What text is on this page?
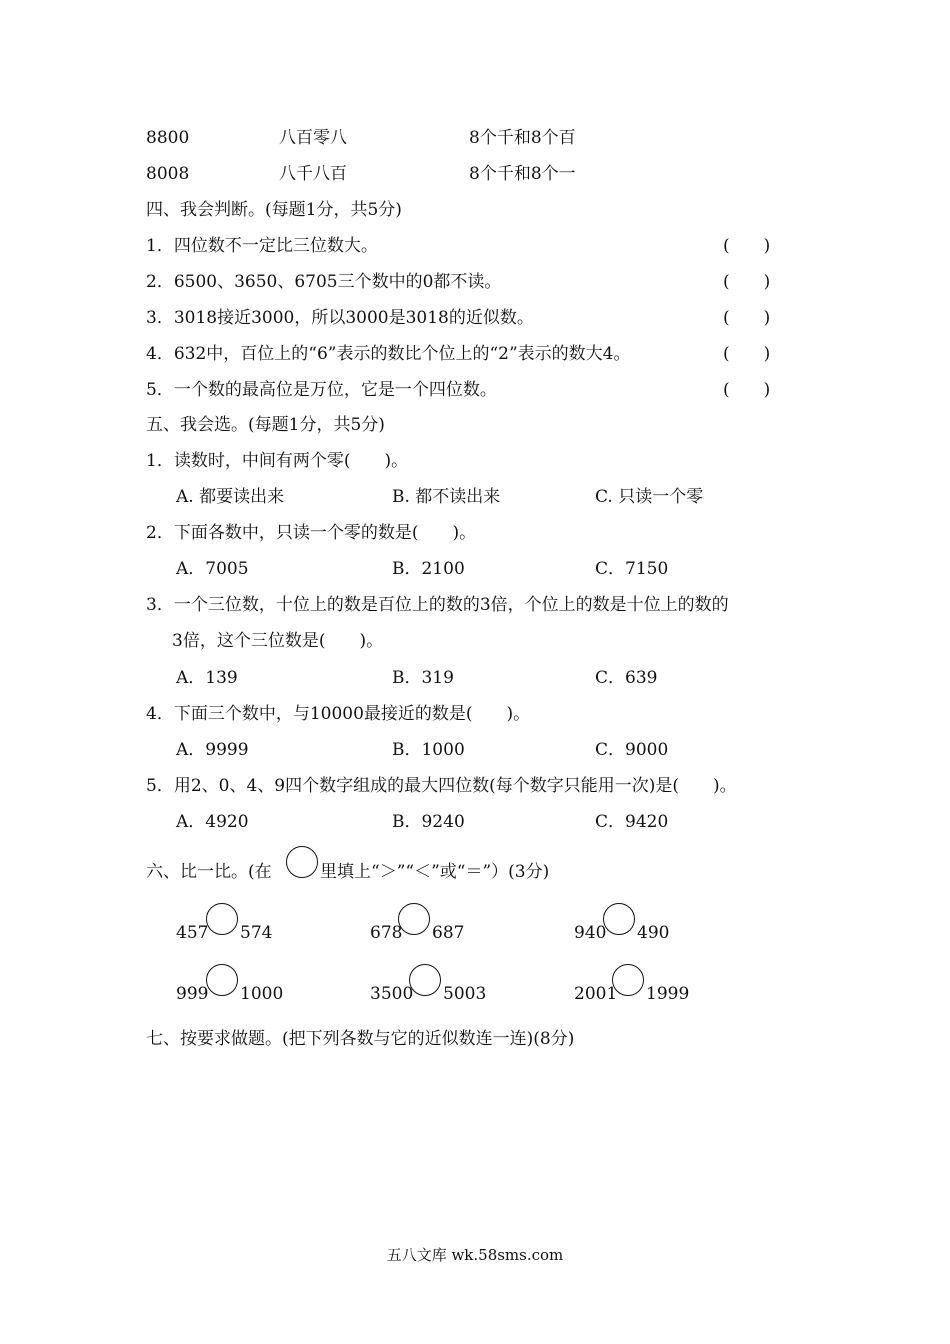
8800	八百零八	8个千和8个百
8008	八千八百	8个千和8个一
四、我会判断。(每题1分，共5分)
1．四位数不一定比三位数大。	(　　)
2．6500、3650、6705三个数中的0都不读。	(　　)
3．3018接近3000，所以3000是3018的近似数。	(　　)
4．632中，百位上的“6”表示的数比个位上的“2”表示的数大4。	(　　)
5．一个数的最高位是万位，它是一个四位数。	(　　)
五、我会选。(每题1分，共5分)
1．读数时，中间有两个零(　　)。
A. 都要读出来	B. 都不读出来	C. 只读一个零
2．下面各数中，只读一个零的数是(　　)。
A．7005	B．2100	C．7150
3．一个三位数，十位上的数是百位上的数的3倍，个位上的数是十位上的数的
3倍，这个三位数是(　　)。
A．139	B．319	C．639
4．下面三个数中，与10000最接近的数是(　　)。
A．9999	B．1000	C．9000
5．用2、0、4、9四个数字组成的最大四位数(每个数字只能用一次)是(　　)。
A．4920	B．9240	C．9420
六、比一比。(在	里填上“＞”“＜”或“＝”）(3分)
457 574	678 687	940 490
999 1000	3500 5003	2001 1999
七、按要求做题。(把下列各数与它的近似数连一连)(8分)
五八文库 wk.58sms.com
